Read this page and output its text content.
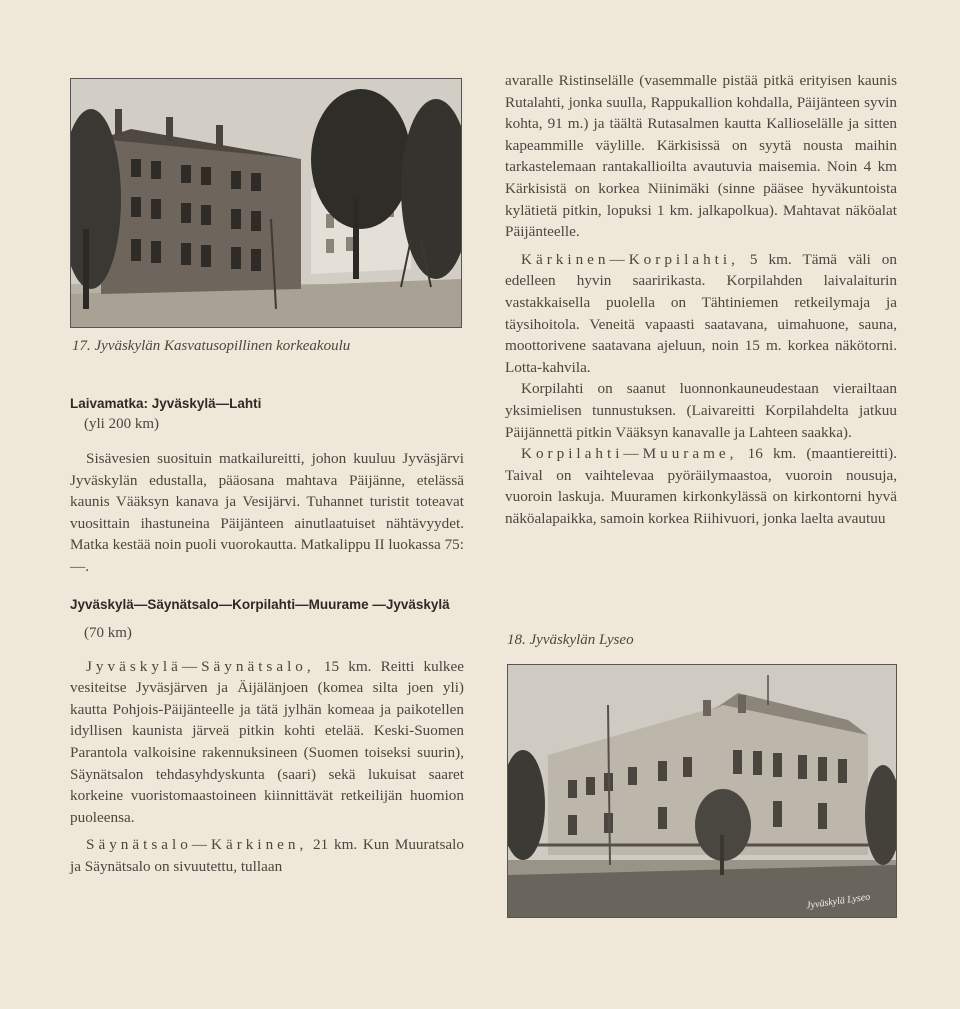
17. Jyväskylän Kasvatusopillinen korkeakoulu

Laivamatka: Jyväskylä—Lahti

(yli 200 km)

Sisävesien suosituin matkailureitti, johon kuuluu Jyväsjärvi Jyväskylän edustalla, pääosana mahtava Päijänne, etelässä kaunis Vääksyn kanava ja Vesijärvi. Tuhannet turistit toteavat vuosittain ihastuneina Päijänteen ainutlaatuiset nähtävyydet. Matka kestää noin puoli vuorokautta. Matkalippu II luokassa 75: —.

Jyväskylä—Säynätsalo—Korpilahti—Muurame —Jyväskylä

(70 km)

Jyväskylä—Säynätsalo, 15 km. Reitti kulkee vesiteitse Jyväsjärven ja Äijälänjoen (komea silta joen yli) kautta Pohjois-Päijänteelle ja tätä jylhän komeaa ja paikotellen idyllisen kaunista järveä pitkin kohti etelää. Keski-Suomen Parantola valkoisine rakennuksineen (Suomen toiseksi suurin), Säynätsalon tehdasyhdyskunta (saari) sekä lukuisat saaret korkeine vuoristomaastoineen kiinnittävät retkeilijän huomion puoleensa.

Säynätsalo—Kärkinen, 21 km. Kun Muuratsalo ja Säynätsalo on sivuutettu, tullaan

avaralle Ristinselälle (vasemmalle pistää pitkä erityisen kaunis Rutalahti, jonka suulla, Rappukallion kohdalla, Päijänteen syvin kohta, 91 m.) ja täältä Rutasalmen kautta Kallioselälle ja sitten kapeammille väylille. Kärkisissä on syytä nousta maihin tarkastelemaan rantakallioilta avautuvia maisemia. Noin 4 km Kärkisistä on korkea Niinimäki (sinne pääsee hyväkuntoista kylätietä pitkin, lopuksi 1 km. jalkapolkua). Mahtavat näköalat Päijänteelle.

Kärkinen—Korpilahti, 5 km. Tämä väli on edelleen hyvin saaririkasta. Korpilahden laivalaiturin vastakkaisella puolella on Tähtiniemen retkeilymaja ja täysihoitola. Veneitä vapaasti saatavana, uimahuone, sauna, moottorivene saatavana ajeluun, noin 15 m. korkea näkötorni. Lotta-kahvila.

Korpilahti on saanut luonnonkauneudestaan vierailtaan yksimielisen tunnustuksen. (Laivareitti Korpilahdelta jatkuu Päijännettä pitkin Vääksyn kanavalle ja Lahteen saakka).

Korpilahti—Muurame, 16 km. (maantiereitti). Taival on vaihtelevaa pyöräilymaastoa, vuoroin nousuja, vuoroin laskuja. Muuramen kirkonkylässä on kirkontorni hyvä näköalapaikka, samoin korkea Riihivuori, jonka laelta avautuu

18. Jyväskylän Lyseo
Jyväskylä Lyseo
